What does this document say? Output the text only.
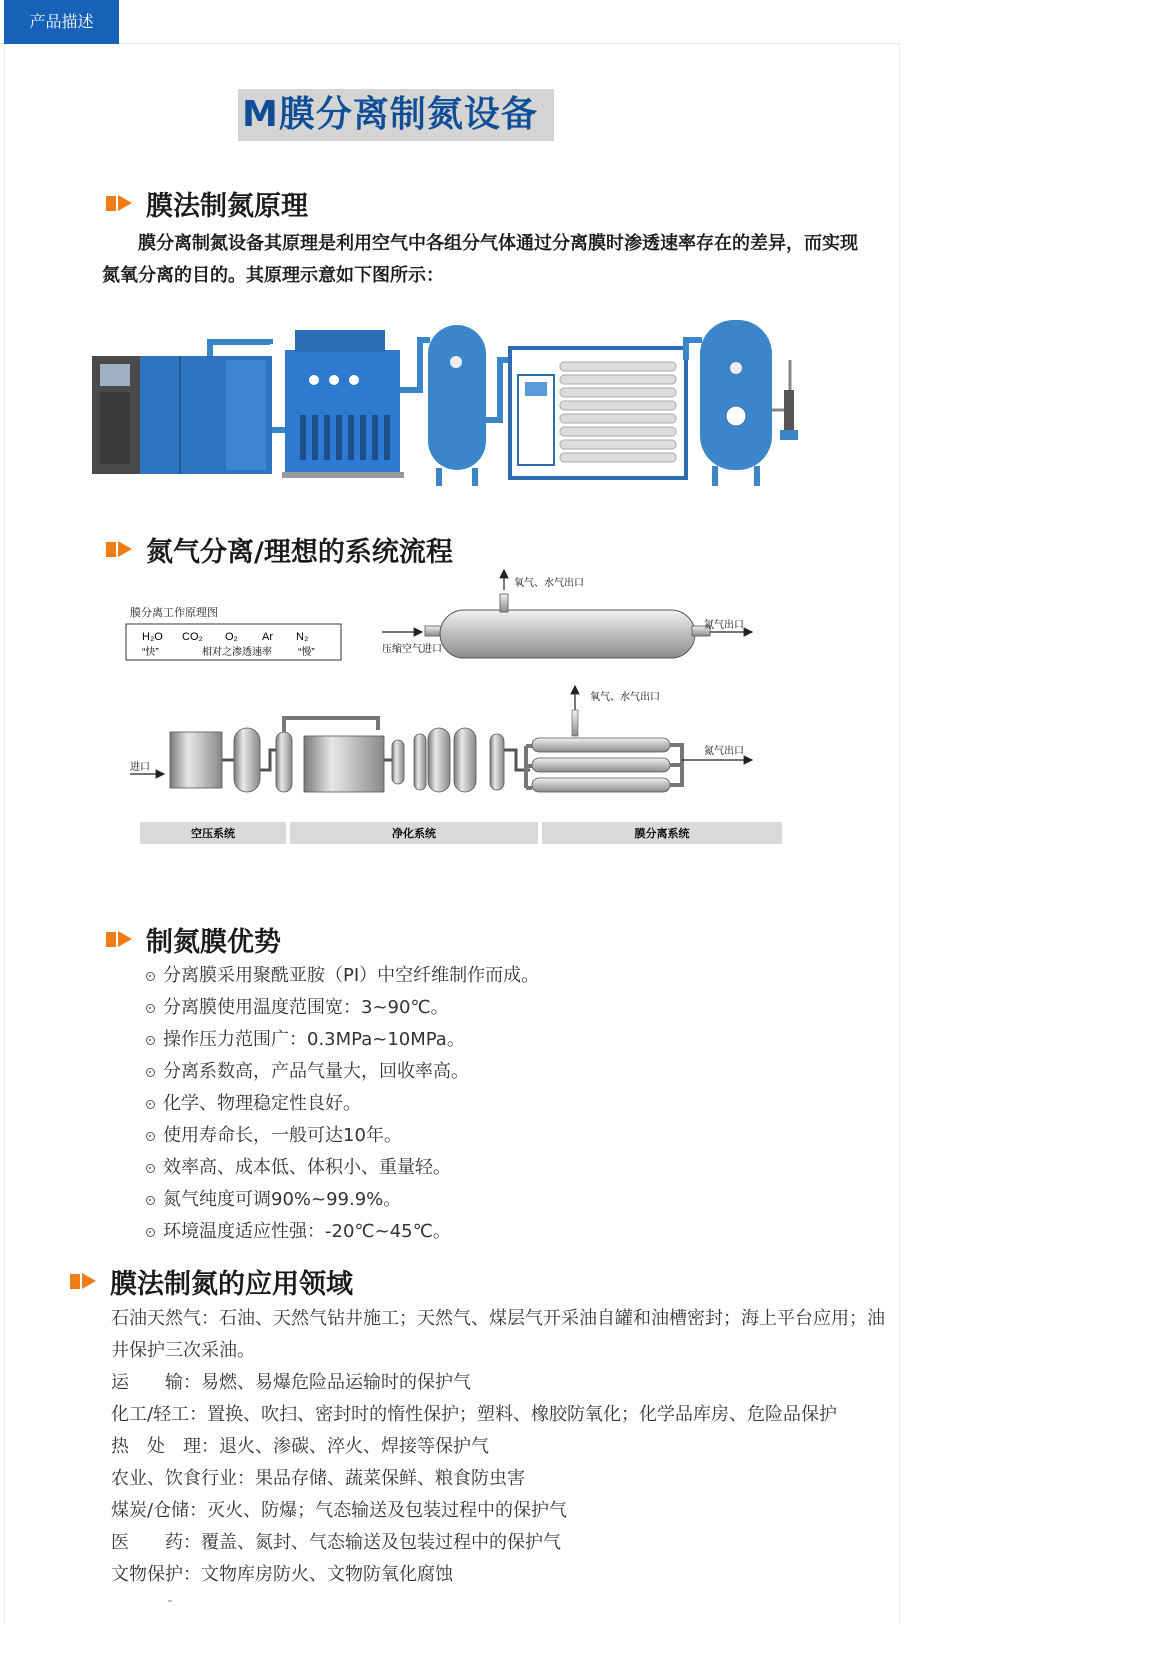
产品描述
M膜分离制氮设备
膜法制氮原理

膜分离制氮设备其原理是利用空气中各组分气体通过分离膜时渗透速率存在的差异，而实现氮氧分离的目的。其原理示意如下图所示：

氮气分离/理想的系统流程
膜分离工作原理图
H₂O CO₂ O₂ Ar N₂
“快”	相对之渗透速率	“慢”
氧气、水气出口
氮气出口
压缩空气进口
氧气、水气出口
进口
氮气出口
空压系统	净化系统	膜分离系统
制氮膜优势
分离膜采用聚酰亚胺（PI）中空纤维制作而成。
分离膜使用温度范围宽：3~90℃。
操作压力范围广：0.3MPa~10MPa。
分离系数高，产品气量大，回收率高。
化学、物理稳定性良好。
使用寿命长，一般可达10年。
效率高、成本低、体积小、重量轻。
氮气纯度可调90%~99.9%。
环境温度适应性强：-20℃~45℃。
膜法制氮的应用领域
石油天然气：石油、天然气钻井施工；天然气、煤层气开采油自罐和油槽密封；海上平台应用；油井保护三次采油。
运　　输：易燃、易爆危险品运输时的保护气
化工/轻工：置换、吹扫、密封时的惰性保护；塑料、橡胶防氧化；化学品库房、危险品保护
热　处　理：退火、渗碳、淬火、焊接等保护气
农业、饮食行业：果品存储、蔬菜保鲜、粮食防虫害
煤炭/仓储：灭火、防爆；气态输送及包装过程中的保护气
医　　药：覆盖、氮封、气态输送及包装过程中的保护气
文物保护：文物库房防火、文物防氧化腐蚀
